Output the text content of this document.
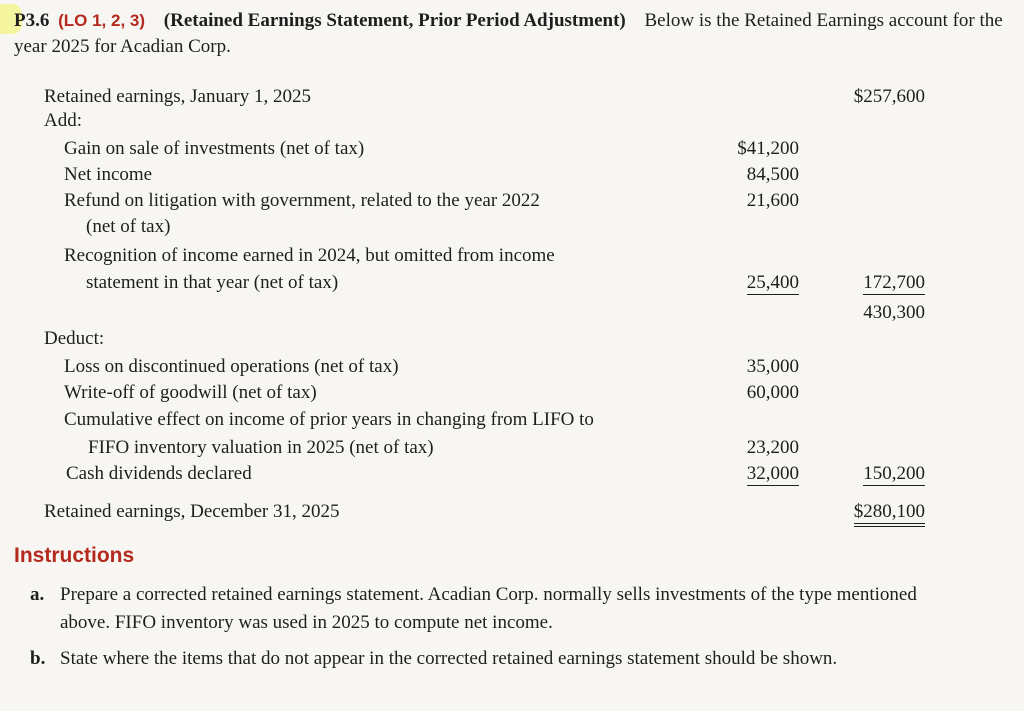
P3.6 (LO 1, 2, 3) (Retained Earnings Statement, Prior Period Adjustment) Below is the Retained Earnings account for the year 2025 for Acadian Corp.
Retained earnings, January 1, 2025	$257,600
Add:
Gain on sale of investments (net of tax)	$41,200
Net income	84,500
Refund on litigation with government, related to the year 2022	21,600
(net of tax)
Recognition of income earned in 2024, but omitted from income
statement in that year (net of tax)	25,400	172,700
430,300
Deduct:
Loss on discontinued operations (net of tax)	35,000
Write-off of goodwill (net of tax)	60,000
Cumulative effect on income of prior years in changing from LIFO to
FIFO inventory valuation in 2025 (net of tax)	23,200
Cash dividends declared	32,000	150,200
Retained earnings, December 31, 2025	$280,100
Instructions
a. Prepare a corrected retained earnings statement. Acadian Corp. normally sells investments of the type mentioned above. FIFO inventory was used in 2025 to compute net income.
b. State where the items that do not appear in the corrected retained earnings statement should be shown.
